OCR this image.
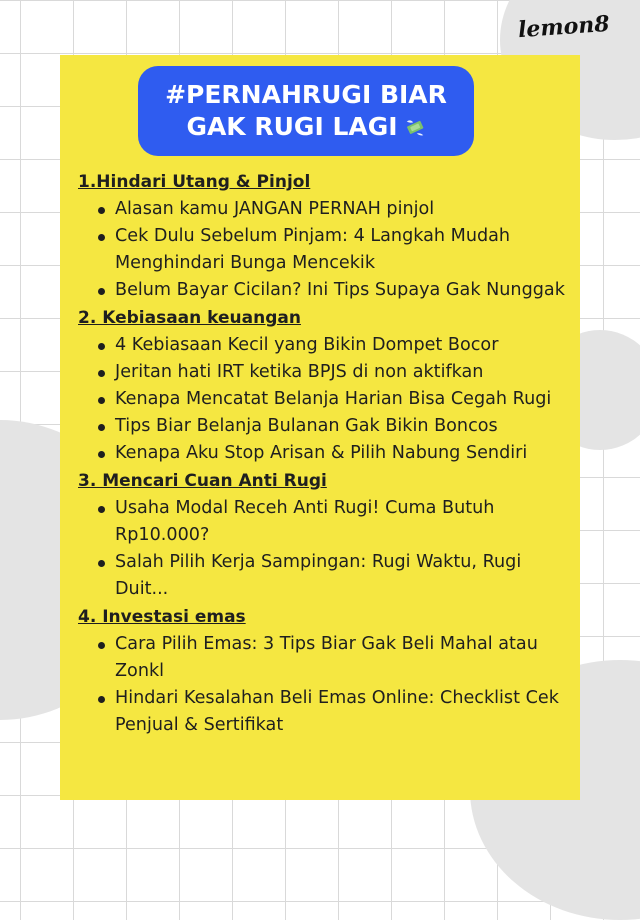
lemon8
#PERNAHRUGI BIAR
GAK RUGI LAGI
1.Hindari Utang & Pinjol
Alasan kamu JANGAN PERNAH pinjol
Cek Dulu Sebelum Pinjam: 4 Langkah Mudah Menghindari Bunga Mencekik
Belum Bayar Cicilan? Ini Tips Supaya Gak Nunggak
2. Kebiasaan keuangan
4 Kebiasaan Kecil yang Bikin Dompet Bocor
Jeritan hati IRT ketika BPJS di non aktifkan
Kenapa Mencatat Belanja Harian Bisa Cegah Rugi
Tips Biar Belanja Bulanan Gak Bikin Boncos
Kenapa Aku Stop Arisan & Pilih Nabung Sendiri
3. Mencari Cuan Anti Rugi
Usaha Modal Receh Anti Rugi! Cuma Butuh Rp10.000?
Salah Pilih Kerja Sampingan: Rugi Waktu, Rugi Duit...
4. Investasi emas
Cara Pilih Emas: 3 Tips Biar Gak Beli Mahal atau Zonkl
Hindari Kesalahan Beli Emas Online: Checklist Cek Penjual & Sertifikat
